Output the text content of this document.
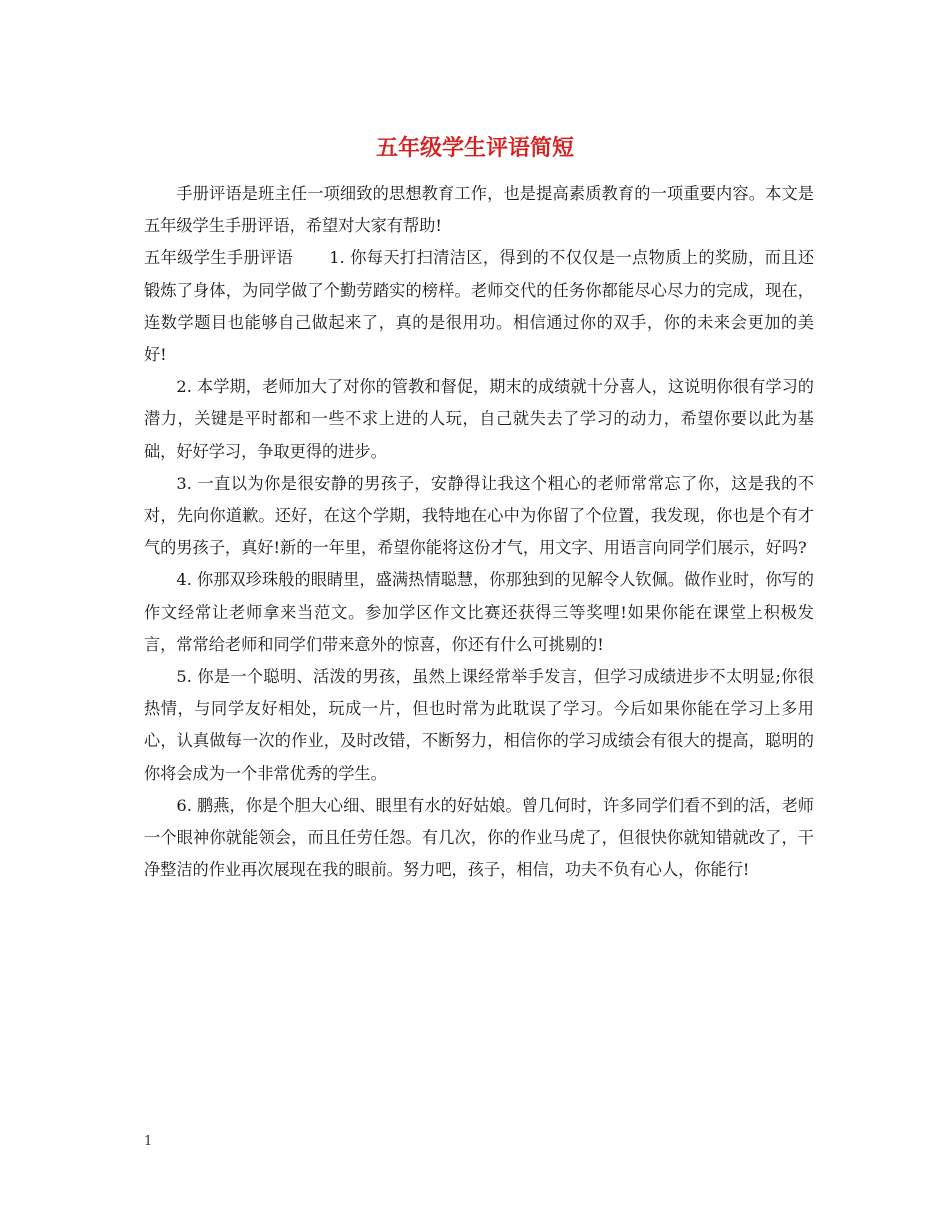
五年级学生评语简短

手册评语是班主任一项细致的思想教育工作，也是提高素质教育的一项重要内容。本文是五年级学生手册评语，希望对大家有帮助!

五年级学生手册评语 1. 你每天打扫清洁区，得到的不仅仅是一点物质上的奖励，而且还锻炼了身体，为同学做了个勤劳踏实的榜样。老师交代的任务你都能尽心尽力的完成，现在，连数学题目也能够自己做起来了，真的是很用功。相信通过你的双手，你的未来会更加的美好!

2. 本学期，老师加大了对你的管教和督促，期末的成绩就十分喜人，这说明你很有学习的潜力，关键是平时都和一些不求上进的人玩，自己就失去了学习的动力，希望你要以此为基础，好好学习，争取更得的进步。

3. 一直以为你是很安静的男孩子，安静得让我这个粗心的老师常常忘了你，这是我的不对，先向你道歉。还好，在这个学期，我特地在心中为你留了个位置，我发现，你也是个有才气的男孩子，真好!新的一年里，希望你能将这份才气，用文字、用语言向同学们展示，好吗?

4. 你那双珍珠般的眼睛里，盛满热情聪慧，你那独到的见解令人钦佩。做作业时，你写的作文经常让老师拿来当范文。参加学区作文比赛还获得三等奖哩!如果你能在课堂上积极发言，常常给老师和同学们带来意外的惊喜，你还有什么可挑剔的!

5. 你是一个聪明、活泼的男孩，虽然上课经常举手发言，但学习成绩进步不太明显;你很热情，与同学友好相处，玩成一片，但也时常为此耽误了学习。今后如果你能在学习上多用心，认真做每一次的作业，及时改错，不断努力，相信你的学习成绩会有很大的提高，聪明的你将会成为一个非常优秀的学生。

6. 鹏燕，你是个胆大心细、眼里有水的好姑娘。曾几何时，许多同学们看不到的活，老师一个眼神你就能领会，而且任劳任怨。有几次，你的作业马虎了，但很快你就知错就改了，干净整洁的作业再次展现在我的眼前。努力吧，孩子，相信，功夫不负有心人，你能行!

1
